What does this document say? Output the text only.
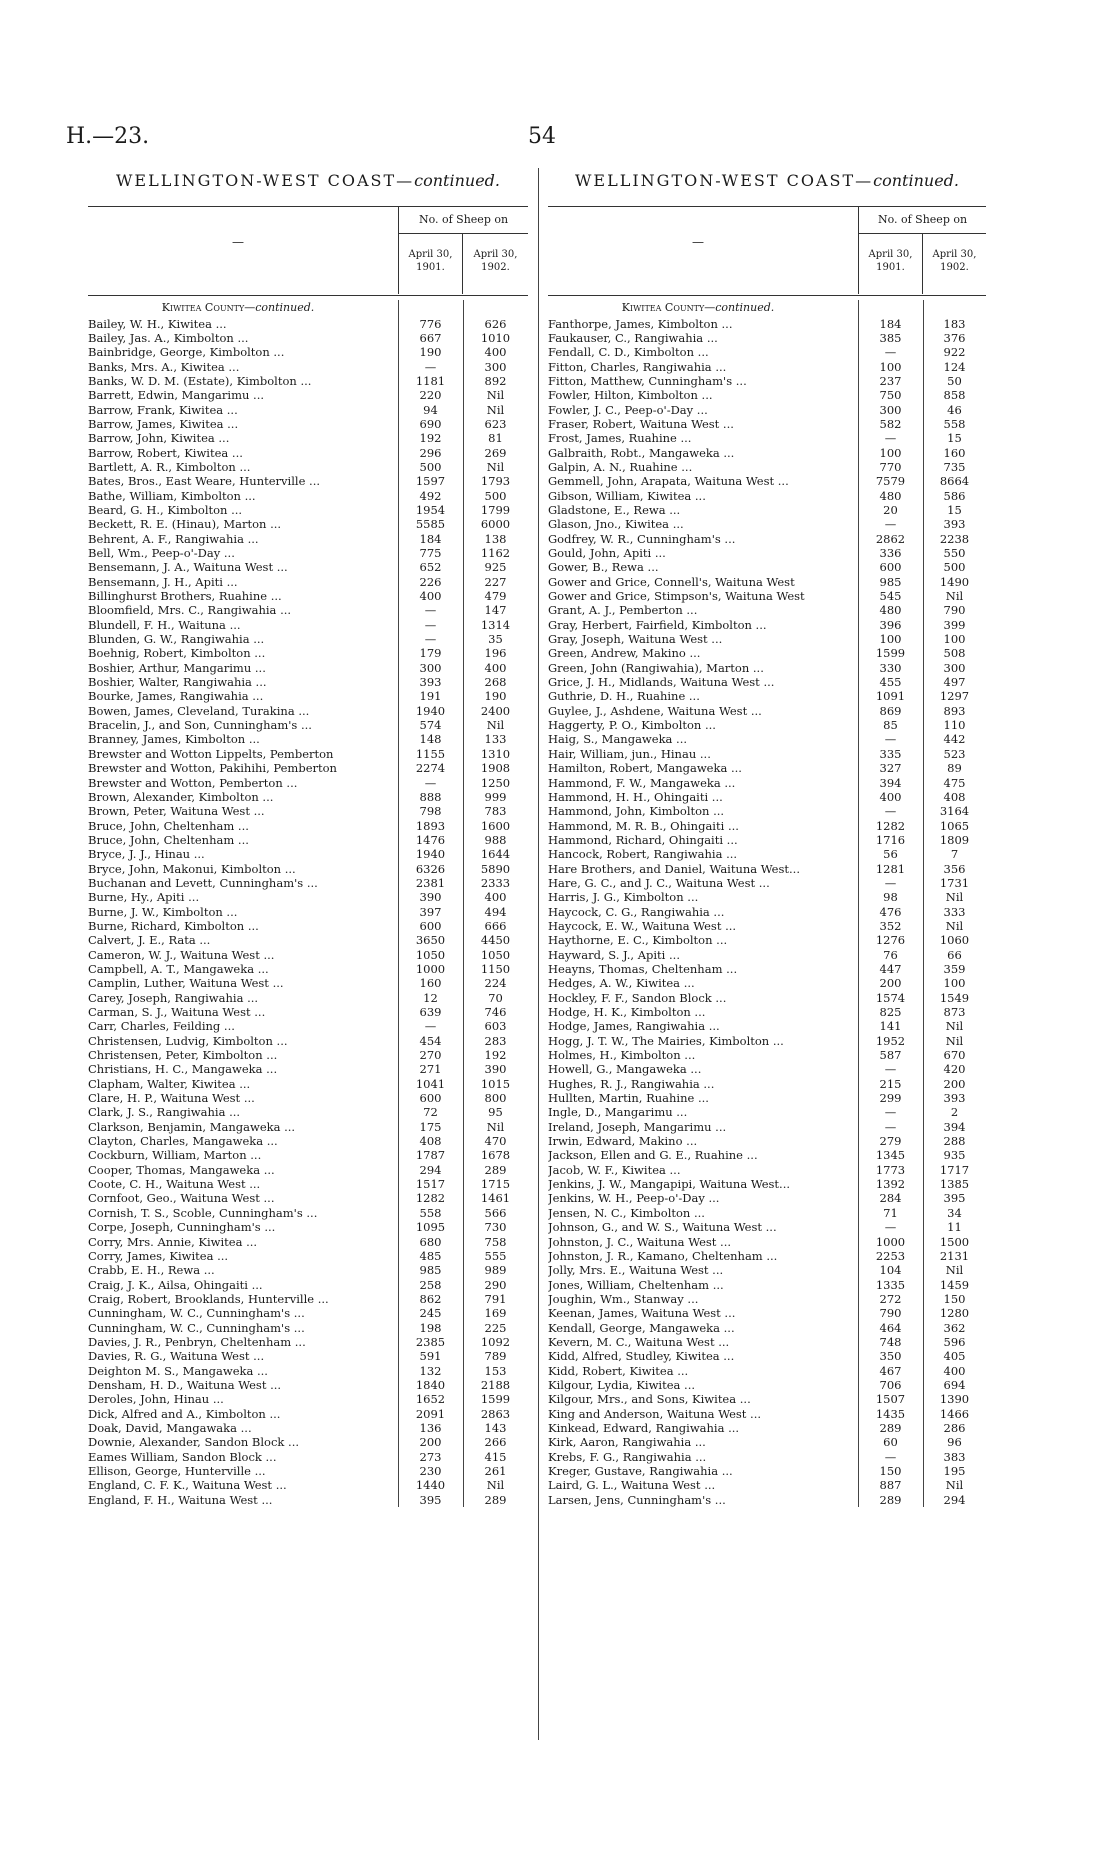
H.—23.	54
WELLINGTON-WEST COAST—continued.
—
No. of Sheep on
April 30, 1901.
April 30, 1902.
Kiwitea County—continued.
Bailey, W. H., Kiwitea ...	776	626
Bailey, Jas. A., Kimbolton ...	667	1010
Bainbridge, George, Kimbolton ...	190	400
Banks, Mrs. A., Kiwitea ...	—	300
Banks, W. D. M. (Estate), Kimbolton ...	1181	892
Barrett, Edwin, Mangarimu ...	220	Nil
Barrow, Frank, Kiwitea ...	94	Nil
Barrow, James, Kiwitea ...	690	623
Barrow, John, Kiwitea ...	192	81
Barrow, Robert, Kiwitea ...	296	269
Bartlett, A. R., Kimbolton ...	500	Nil
Bates, Bros., East Weare, Hunterville ...	1597	1793
Bathe, William, Kimbolton ...	492	500
Beard, G. H., Kimbolton ...	1954	1799
Beckett, R. E. (Hinau), Marton ...	5585	6000
Behrent, A. F., Rangiwahia ...	184	138
Bell, Wm., Peep-o'-Day ...	775	1162
Bensemann, J. A., Waituna West ...	652	925
Bensemann, J. H., Apiti ...	226	227
Billinghurst Brothers, Ruahine ...	400	479
Bloomfield, Mrs. C., Rangiwahia ...	—	147
Blundell, F. H., Waituna ...	—	1314
Blunden, G. W., Rangiwahia ...	—	35
Boehnig, Robert, Kimbolton ...	179	196
Boshier, Arthur, Mangarimu ...	300	400
Boshier, Walter, Rangiwahia ...	393	268
Bourke, James, Rangiwahia ...	191	190
Bowen, James, Cleveland, Turakina ...	1940	2400
Bracelin, J., and Son, Cunningham's ...	574	Nil
Branney, James, Kimbolton ...	148	133
Brewster and Wotton Lippelts, Pemberton	1155	1310
Brewster and Wotton, Pakihihi, Pemberton	2274	1908
Brewster and Wotton, Pemberton ...	—	1250
Brown, Alexander, Kimbolton ...	888	999
Brown, Peter, Waituna West ...	798	783
Bruce, John, Cheltenham ...	1893	1600
Bruce, John, Cheltenham ...	1476	988
Bryce, J. J., Hinau ...	1940	1644
Bryce, John, Makonui, Kimbolton ...	6326	5890
Buchanan and Levett, Cunningham's ...	2381	2333
Burne, Hy., Apiti ...	390	400
Burne, J. W., Kimbolton ...	397	494
Burne, Richard, Kimbolton ...	600	666
Calvert, J. E., Rata ...	3650	4450
Cameron, W. J., Waituna West ...	1050	1050
Campbell, A. T., Mangaweka ...	1000	1150
Camplin, Luther, Waituna West ...	160	224
Carey, Joseph, Rangiwahia ...	12	70
Carman, S. J., Waituna West ...	639	746
Carr, Charles, Feilding ...	—	603
Christensen, Ludvig, Kimbolton ...	454	283
Christensen, Peter, Kimbolton ...	270	192
Christians, H. C., Mangaweka ...	271	390
Clapham, Walter, Kiwitea ...	1041	1015
Clare, H. P., Waituna West ...	600	800
Clark, J. S., Rangiwahia ...	72	95
Clarkson, Benjamin, Mangaweka ...	175	Nil
Clayton, Charles, Mangaweka ...	408	470
Cockburn, William, Marton ...	1787	1678
Cooper, Thomas, Mangaweka ...	294	289
Coote, C. H., Waituna West ...	1517	1715
Cornfoot, Geo., Waituna West ...	1282	1461
Cornish, T. S., Scoble, Cunningham's ...	558	566
Corpe, Joseph, Cunningham's ...	1095	730
Corry, Mrs. Annie, Kiwitea ...	680	758
Corry, James, Kiwitea ...	485	555
Crabb, E. H., Rewa ...	985	989
Craig, J. K., Ailsa, Ohingaiti ...	258	290
Craig, Robert, Brooklands, Hunterville ...	862	791
Cunningham, W. C., Cunningham's ...	245	169
Cunningham, W. C., Cunningham's ...	198	225
Davies, J. R., Penbryn, Cheltenham ...	2385	1092
Davies, R. G., Waituna West ...	591	789
Deighton M. S., Mangaweka ...	132	153
Densham, H. D., Waituna West ...	1840	2188
Deroles, John, Hinau ...	1652	1599
Dick, Alfred and A., Kimbolton ...	2091	2863
Doak, David, Mangawaka ...	136	143
Downie, Alexander, Sandon Block ...	200	266
Eames William, Sandon Block ...	273	415
Ellison, George, Hunterville ...	230	261
England, C. F. K., Waituna West ...	1440	Nil
England, F. H., Waituna West ...	395	289
WELLINGTON-WEST COAST—continued.
—
No. of Sheep on
April 30, 1901.
April 30, 1902.
Kiwitea County—continued.
Fanthorpe, James, Kimbolton ...	184	183
Faukauser, C., Rangiwahia ...	385	376
Fendall, C. D., Kimbolton ...	—	922
Fitton, Charles, Rangiwahia ...	100	124
Fitton, Matthew, Cunningham's ...	237	50
Fowler, Hilton, Kimbolton ...	750	858
Fowler, J. C., Peep-o'-Day ...	300	46
Fraser, Robert, Waituna West ...	582	558
Frost, James, Ruahine ...	—	15
Galbraith, Robt., Mangaweka ...	100	160
Galpin, A. N., Ruahine ...	770	735
Gemmell, John, Arapata, Waituna West ...	7579	8664
Gibson, William, Kiwitea ...	480	586
Gladstone, E., Rewa ...	20	15
Glason, Jno., Kiwitea ...	—	393
Godfrey, W. R., Cunningham's ...	2862	2238
Gould, John, Apiti ...	336	550
Gower, B., Rewa ...	600	500
Gower and Grice, Connell's, Waituna West	985	1490
Gower and Grice, Stimpson's, Waituna West	545	Nil
Grant, A. J., Pemberton ...	480	790
Gray, Herbert, Fairfield, Kimbolton ...	396	399
Gray, Joseph, Waituna West ...	100	100
Green, Andrew, Makino ...	1599	508
Green, John (Rangiwahia), Marton ...	330	300
Grice, J. H., Midlands, Waituna West ...	455	497
Guthrie, D. H., Ruahine ...	1091	1297
Guylee, J., Ashdene, Waituna West ...	869	893
Haggerty, P. O., Kimbolton ...	85	110
Haig, S., Mangaweka ...	—	442
Hair, William, jun., Hinau ...	335	523
Hamilton, Robert, Mangaweka ...	327	89
Hammond, F. W., Mangaweka ...	394	475
Hammond, H. H., Ohingaiti ...	400	408
Hammond, John, Kimbolton ...	—	3164
Hammond, M. R. B., Ohingaiti ...	1282	1065
Hammond, Richard, Ohingaiti ...	1716	1809
Hancock, Robert, Rangiwahia ...	56	7
Hare Brothers, and Daniel, Waituna West...	1281	356
Hare, G. C., and J. C., Waituna West ...	—	1731
Harris, J. G., Kimbolton ...	98	Nil
Haycock, C. G., Rangiwahia ...	476	333
Haycock, E. W., Waituna West ...	352	Nil
Haythorne, E. C., Kimbolton ...	1276	1060
Hayward, S. J., Apiti ...	76	66
Heayns, Thomas, Cheltenham ...	447	359
Hedges, A. W., Kiwitea ...	200	100
Hockley, F. F., Sandon Block ...	1574	1549
Hodge, H. K., Kimbolton ...	825	873
Hodge, James, Rangiwahia ...	141	Nil
Hogg, J. T. W., The Mairies, Kimbolton ...	1952	Nil
Holmes, H., Kimbolton ...	587	670
Howell, G., Mangaweka ...	—	420
Hughes, R. J., Rangiwahia ...	215	200
Hullten, Martin, Ruahine ...	299	393
Ingle, D., Mangarimu ...	—	2
Ireland, Joseph, Mangarimu ...	—	394
Irwin, Edward, Makino ...	279	288
Jackson, Ellen and G. E., Ruahine ...	1345	935
Jacob, W. F., Kiwitea ...	1773	1717
Jenkins, J. W., Mangapipi, Waituna West...	1392	1385
Jenkins, W. H., Peep-o'-Day ...	284	395
Jensen, N. C., Kimbolton ...	71	34
Johnson, G., and W. S., Waituna West ...	—	11
Johnston, J. C., Waituna West ...	1000	1500
Johnston, J. R., Kamano, Cheltenham ...	2253	2131
Jolly, Mrs. E., Waituna West ...	104	Nil
Jones, William, Cheltenham ...	1335	1459
Joughin, Wm., Stanway ...	272	150
Keenan, James, Waituna West ...	790	1280
Kendall, George, Mangaweka ...	464	362
Kevern, M. C., Waituna West ...	748	596
Kidd, Alfred, Studley, Kiwitea ...	350	405
Kidd, Robert, Kiwitea ...	467	400
Kilgour, Lydia, Kiwitea ...	706	694
Kilgour, Mrs., and Sons, Kiwitea ...	1507	1390
King and Anderson, Waituna West ...	1435	1466
Kinkead, Edward, Rangiwahia ...	289	286
Kirk, Aaron, Rangiwahia ...	60	96
Krebs, F. G., Rangiwahia ...	—	383
Kreger, Gustave, Rangiwahia ...	150	195
Laird, G. L., Waituna West ...	887	Nil
Larsen, Jens, Cunningham's ...	289	294
